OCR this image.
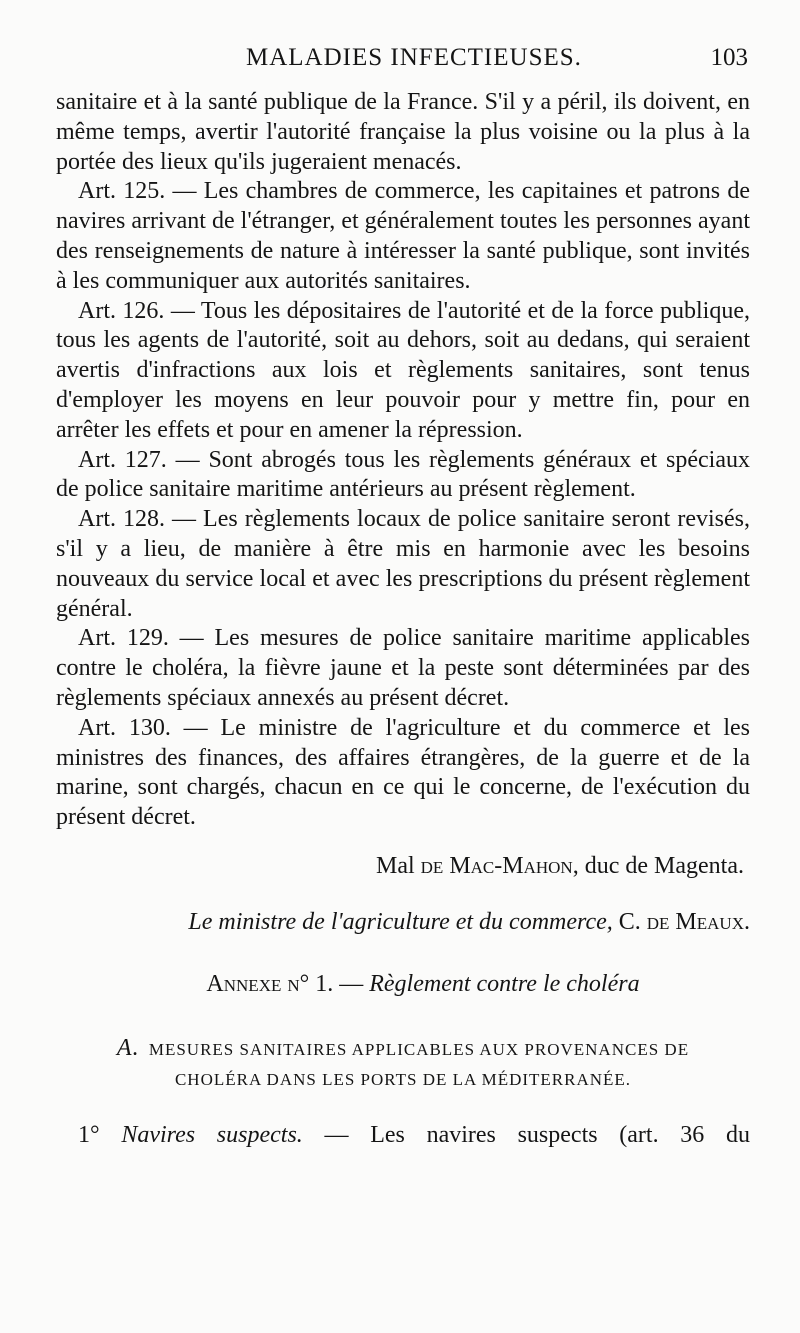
MALADIES INFECTIEUSES.	103

sanitaire et à la santé publique de la France. S'il y a péril, ils doivent, en même temps, avertir l'autorité française la plus voisine ou la plus à la portée des lieux qu'ils jugeraient menacés.

Art. 125. — Les chambres de commerce, les capitaines et patrons de navires arrivant de l'étranger, et généralement toutes les personnes ayant des renseignements de nature à intéresser la santé publique, sont invités à les communiquer aux autorités sanitaires.

Art. 126. — Tous les dépositaires de l'autorité et de la force publique, tous les agents de l'autorité, soit au dehors, soit au dedans, qui seraient avertis d'infractions aux lois et règlements sanitaires, sont tenus d'employer les moyens en leur pouvoir pour y mettre fin, pour en arrêter les effets et pour en amener la répression.

Art. 127. — Sont abrogés tous les règlements généraux et spéciaux de police sanitaire maritime antérieurs au présent règlement.

Art. 128. — Les règlements locaux de police sanitaire seront revisés, s'il y a lieu, de manière à être mis en harmonie avec les besoins nouveaux du service local et avec les prescriptions du présent règlement général.

Art. 129. — Les mesures de police sanitaire maritime applicables contre le choléra, la fièvre jaune et la peste sont déterminées par des règlements spéciaux annexés au présent décret.

Art. 130. — Le ministre de l'agriculture et du commerce et les ministres des finances, des affaires étrangères, de la guerre et de la marine, sont chargés, chacun en ce qui le concerne, de l'exécution du présent décret.

Mal de Mac-Mahon, duc de Magenta.

Le ministre de l'agriculture et du commerce, C. de Meaux.

Annexe n° 1. — Règlement contre le choléra

A. MESURES SANITAIRES APPLICABLES AUX PROVENANCES DE
CHOLÉRA DANS LES PORTS DE LA MÉDITERRANÉE.

1° Navires suspects. — Les navires suspects (art. 36 du
